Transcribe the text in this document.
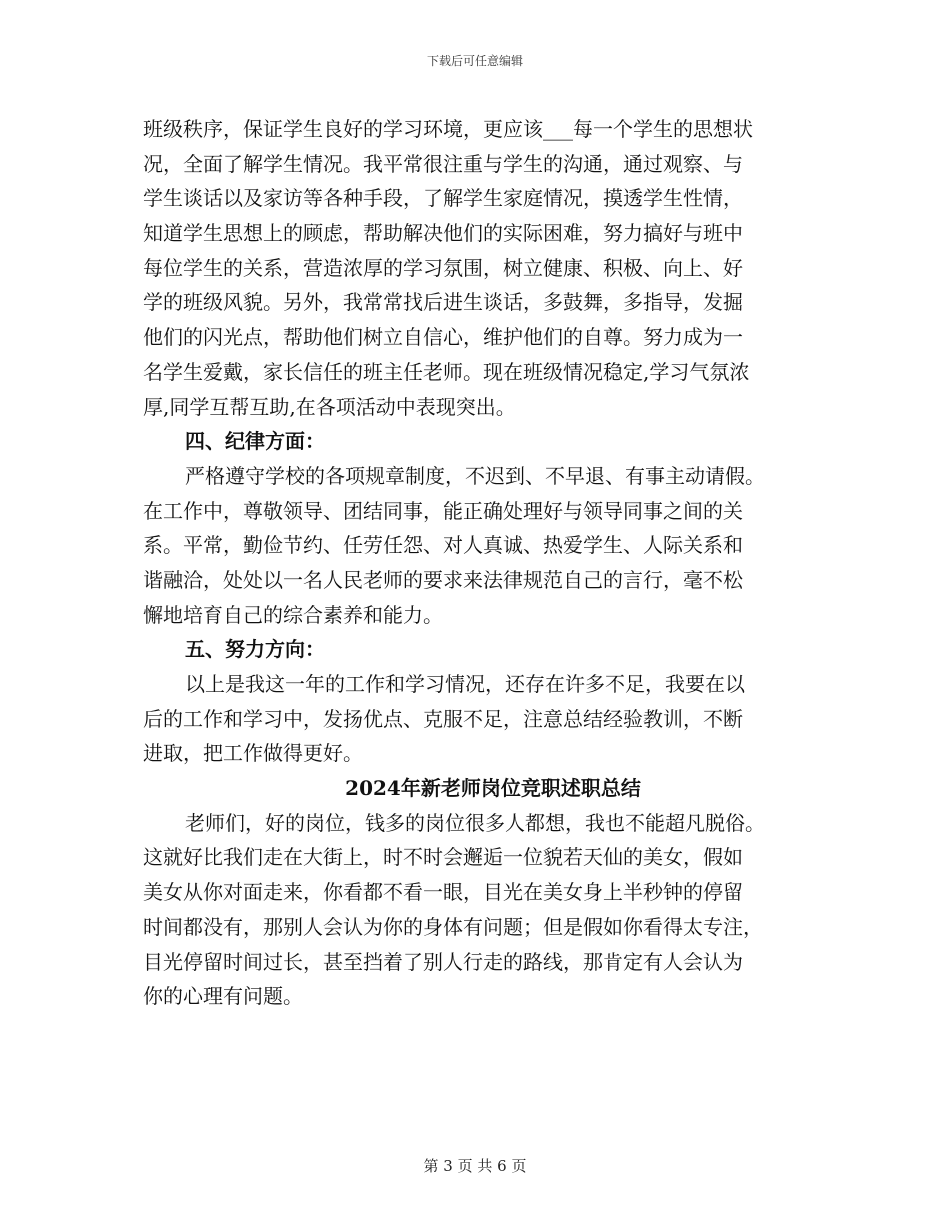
下载后可任意编辑
班级秩序，保证学生良好的学习环境，更应该___每一个学生的思想状
况，全面了解学生情况。我平常很注重与学生的沟通，通过观察、与
学生谈话以及家访等各种手段，了解学生家庭情况，摸透学生性情，
知道学生思想上的顾虑，帮助解决他们的实际困难，努力搞好与班中
每位学生的关系，营造浓厚的学习氛围，树立健康、积极、向上、好
学的班级风貌。另外，我常常找后进生谈话，多鼓舞，多指导，发掘
他们的闪光点，帮助他们树立自信心，维护他们的自尊。努力成为一
名学生爱戴，家长信任的班主任老师。现在班级情况稳定,学习气氛浓
厚,同学互帮互助,在各项活动中表现突出。
四、纪律方面：
严格遵守学校的各项规章制度，不迟到、不早退、有事主动请假。
在工作中，尊敬领导、团结同事，能正确处理好与领导同事之间的关
系。平常，勤俭节约、任劳任怨、对人真诚、热爱学生、人际关系和
谐融洽，处处以一名人民老师的要求来法律规范自己的言行，毫不松
懈地培育自己的综合素养和能力。
五、努力方向：
以上是我这一年的工作和学习情况，还存在许多不足，我要在以
后的工作和学习中，发扬优点、克服不足，注意总结经验教训，不断
进取，把工作做得更好。
2024年新老师岗位竞职述职总结
老师们，好的岗位，钱多的岗位很多人都想，我也不能超凡脱俗。
这就好比我们走在大街上，时不时会邂逅一位貌若天仙的美女，假如
美女从你对面走来，你看都不看一眼，目光在美女身上半秒钟的停留
时间都没有，那别人会认为你的身体有问题；但是假如你看得太专注，
目光停留时间过长，甚至挡着了别人行走的路线，那肯定有人会认为
你的心理有问题。
第 3 页 共 6 页
